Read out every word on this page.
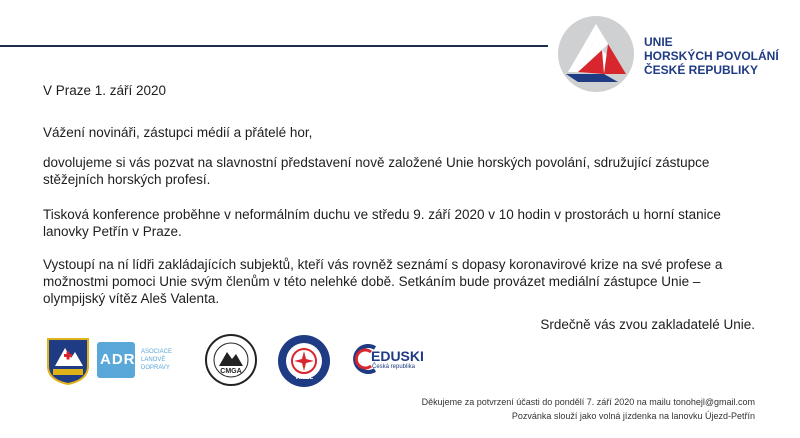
UNIE
HORSKÝCH POVOLÁNÍ
ČESKÉ REPUBLIKY
V Praze 1. září 2020

Vážení novináři, zástupci médií a přátelé hor,

dovolujeme si vás pozvat na slavnostní představení nově založené Unie horských povolání, sdružující zástupce stěžejních horských profesí.

Tisková konference proběhne v neformálním duchu ve středu 9. září 2020 v 10 hodin v prostorách u horní stanice lanovky Petřín v Praze.

Vystoupí na ní lídři zakládajících subjektů, kteří vás rovněž seznámí s dopasy koronavirové krize na své profese a možnostmi pomoci Unie svým členům v této nelehké době. Setkáním bude provázet mediální zástupce Unie – olympijský vítěz Aleš Valenta.

Srdečně vás zvou zakladatelé Unie.
ADR ASOCIACE
LANOVÉ
DOPRAVY	CMGA
VIMEL
EDUSKI
Česká republika
Děkujeme za potvrzení účasti do pondělí 7. září 2020 na mailu tonohejl@gmail.com
Pozvánka slouží jako volná jízdenka na lanovku Újezd-Petřín
